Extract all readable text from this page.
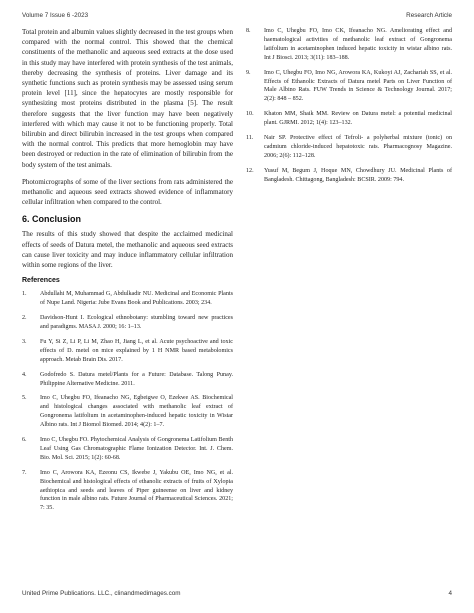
Volume 7 Issue 6 -2023	Research Article

Total protein and albumin values slightly decreased in the test groups when compared with the normal control. This showed that the chemical constituents of the methanolic and aqueous seed extracts at the dose used in this study may have interfered with protein synthesis of the test animals, thereby decreasing the synthesis of proteins. Liver damage and its synthetic functions such as protein synthesis may be assessed using serum protein level [11], since the hepatocytes are mostly responsible for synthesizing most proteins distributed in the plasma [5]. The result therefore suggests that the liver function may have been negatively interfered with which may cause it not to be functioning properly. Total bilirubin and direct bilirubin increased in the test groups when compared with the normal control. This predicts that more hemoglobin may have been destroyed or reduction in the rate of elimination of bilirubin from the body system of the test animals.

Photomicrographs of some of the liver sections from rats administered the methanolic and aqueous seed extracts showed evidence of inflammatory cellular infiltration when compared to the control.

6. Conclusion

The results of this study showed that despite the acclaimed medicinal effects of seeds of Datura metel, the methanolic and aqueous seed extracts can cause liver toxicity and may induce inflammatory cellular infiltration within some regions of the liver.

References
1.	Abdullahi M, Muhammad G, Abdulkadir NU. Medicinal and Economic Plants of Nupe Land. Nigeria: Jube Evans Book and Publications. 2003; 234.
2.	Davidson-Hunt I. Ecological ethnobotany: stumbling toward new practices and paradigms. MASA J. 2000; 16: 1–13.
3.	Fu Y, Si Z, Li P, Li M, Zhao H, Jiang L, et al. Acute psychoactive and toxic effects of D. metel on mice explained by 1 H NMR based metabolomics approach. Metab Brain Dis. 2017.
4.	Godofredo S. Datura metel/Plants for a Future: Database. Talong Punay. Philippine Alternative Medicine. 2011.
5.	Imo C, Uhegbu FO, Ifeanacho NG, Egbeigwe O, Ezekwe AS. Biochemical and histological changes associated with methanolic leaf extract of Gongronema latifolium in acetaminophen-induced hepatic toxicity in Wistar Albino rats. Int J Biomol Biomed. 2014; 4(2): 1–7.
6.	Imo C, Uhegbu FO. Phytochemical Analysis of Gongronema Latifolium Benth Leaf Using Gas Chromatographic Flame Ionization Detector. Int. J. Chem. Bio. Mol. Sci. 2015; 1(2): 60-68.
7.	Imo C, Arowora KA, Ezeonu CS, Ikwebe J, Yakubu OE, Imo NG, et al. Biochemical and histological effects of ethanolic extracts of fruits of Xylopia aethiopica and seeds and leaves of Piper guineense on liver and kidney function in male albino rats. Future Journal of Pharmaceutical Sciences. 2021; 7: 35.
8.	Imo C, Uhegbu FO, Imo CK, Ifeanacho NG. Ameliorating effect and haematological activities of methanolic leaf extract of Gongronema latifolium in acetaminophen induced hepatic toxicity in wistar albino rats. Int J Biosci. 2013; 3(11): 183–188.
9.	Imo C, Uhegbu FO, Imo NG, Arowora KA, Kukoyi AJ, Zachariah SS, et al. Effects of Ethanolic Extracts of Datura metel Parts on Liver Function of Male Albino Rats. FUW Trends in Science & Technology Journal. 2017; 2(2): 848 – 852.
10.	Khaton MM, Shaik MM. Review on Datura metel: a potential medicinal plant. GJRMI. 2012; 1(4): 123–132.
11.	Nair SP. Protective effect of Tefroli- a polyherbal mixture (tonic) on cadmium chloride-induced hepatotoxic rats. Pharmacognosy Magazine. 2006; 2(6): 112–128.
12.	Yusuf M, Begum J, Hoque MN, Chowdhury JU. Medicinal Plants of Bangladesh. Chittagong, Bangladesh: BCSIR. 2009: 794.
United Prime Publications. LLC., clinandmedimages.com	4
